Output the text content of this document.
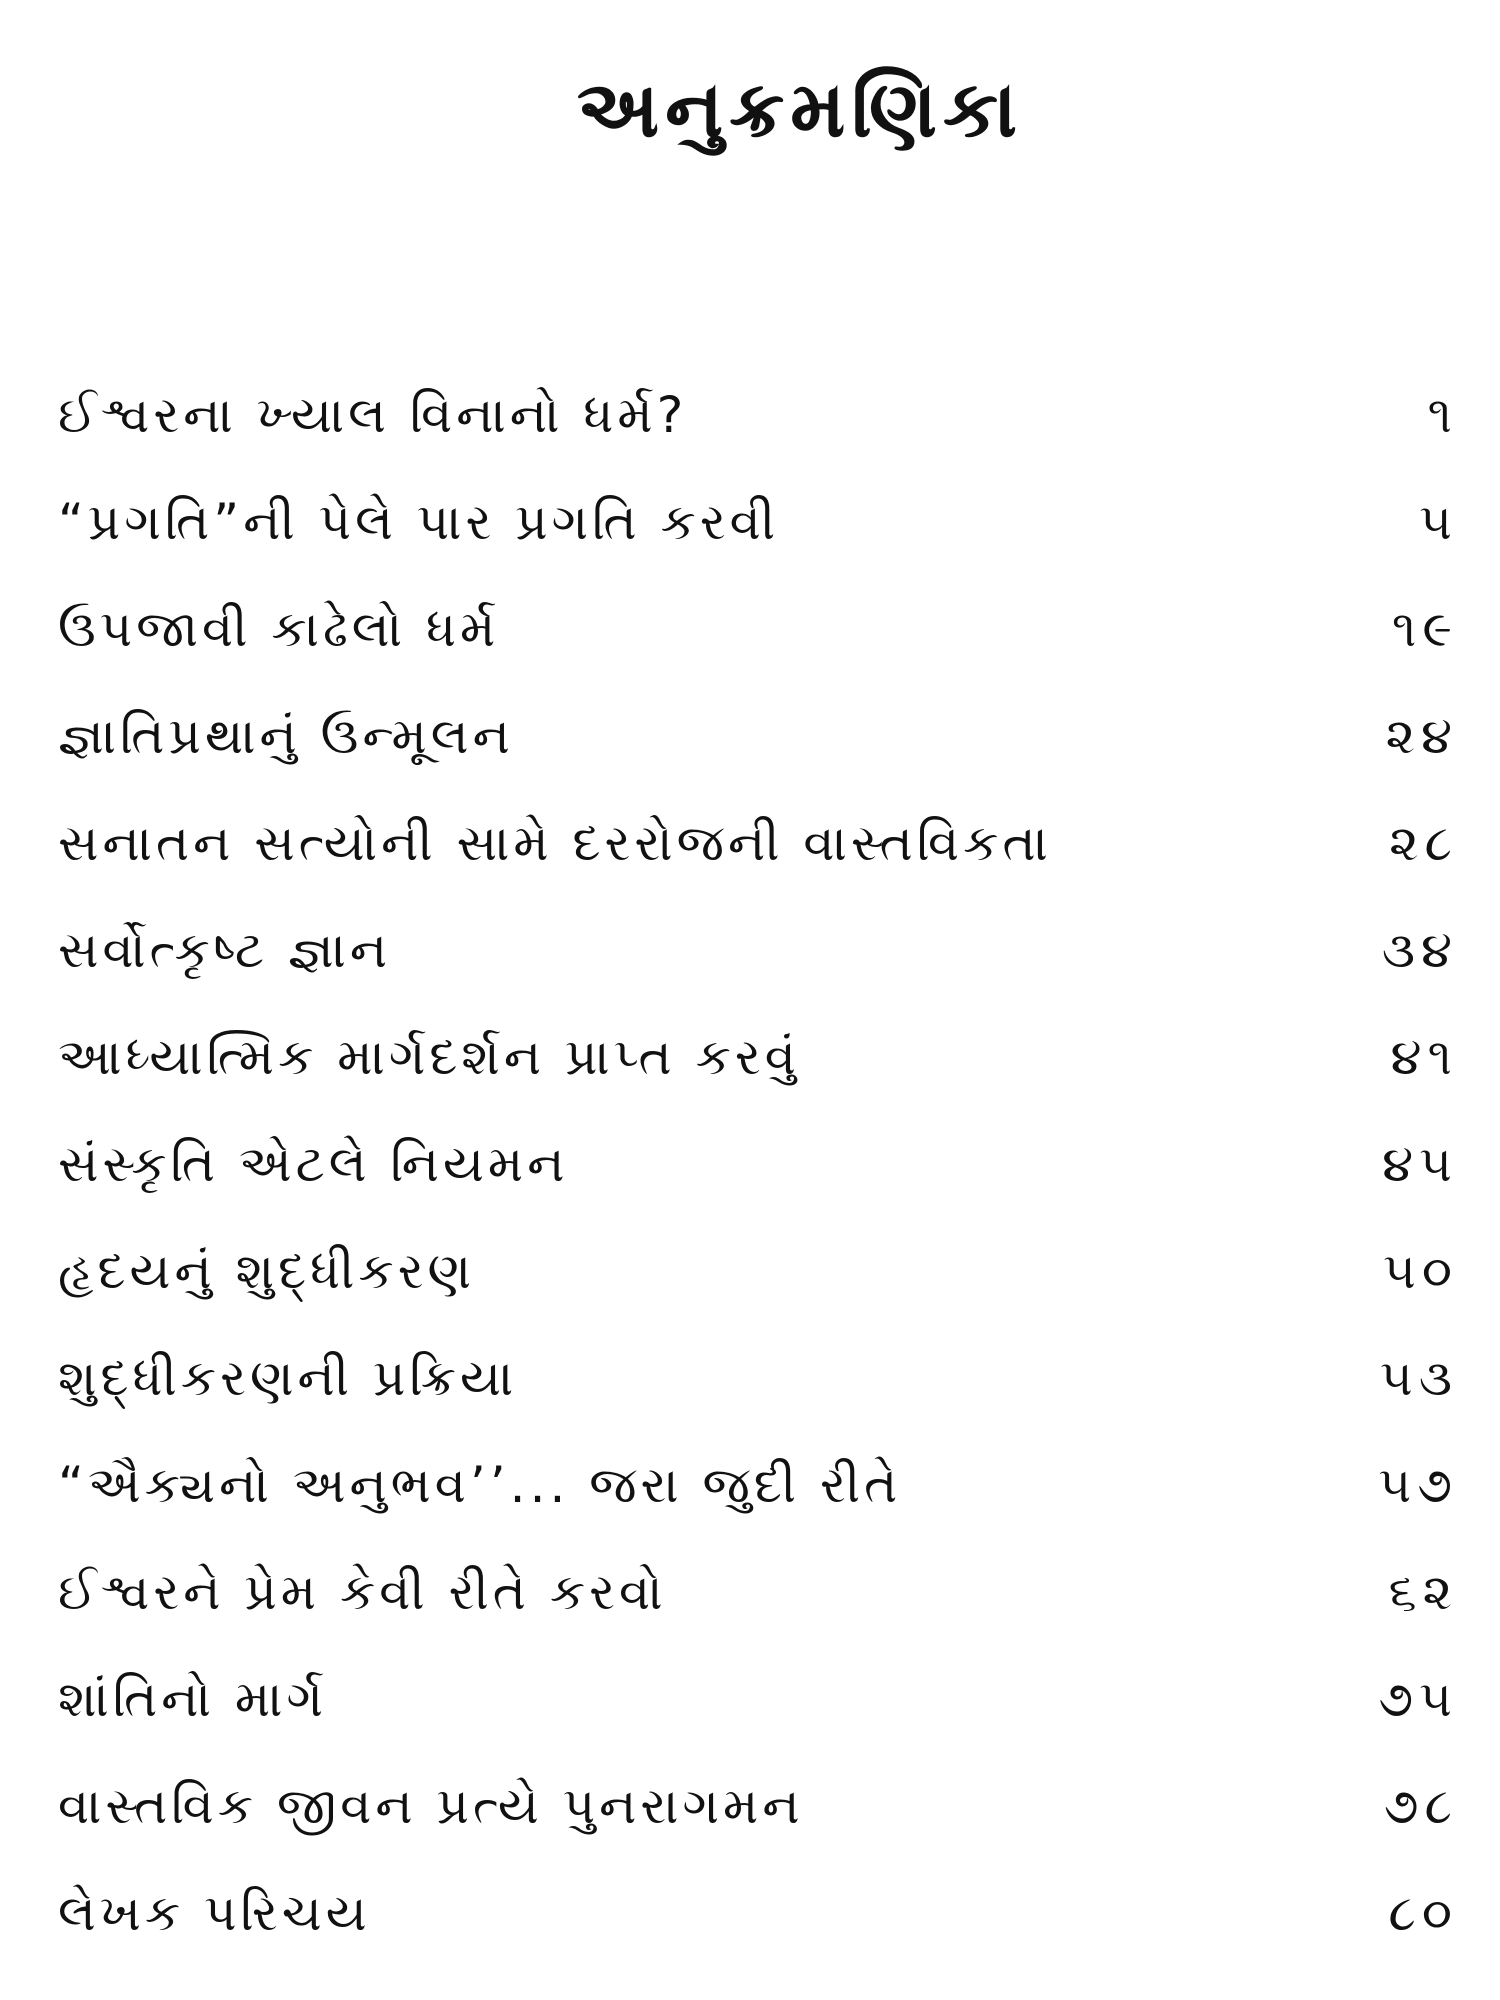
અનુક્રમણિકા
ઈશ્વરના ખ્યાલ વિનાનો ધર્મ?	૧
“પ્રગતિ”ની પેલે પાર પ્રગતિ કરવી	૫
ઉપજાવી કાઢેલો ધર્મ	૧૯
જ્ઞાતિપ્રથાનું ઉન્મૂલન	૨૪
સનાતન સત્યોની સામે દરરોજની વાસ્તવિકતા	૨૮
સર્વોત્કૃષ્ટ જ્ઞાન	૩૪
આધ્યાત્મિક માર્ગદર્શન પ્રાપ્ત કરવું	૪૧
સંસ્કૃતિ એટલે નિયમન	૪૫
હૃદયનું શુદ્ધીકરણ	૫૦
શુદ્ધીકરણની પ્રક્રિયા	૫૩
“ઐક્યનો અનુભવ’’... જરા જુદી રીતે	૫૭
ઈશ્વરને પ્રેમ કેવી રીતે કરવો	૬૨
શાંતિનો માર્ગ	૭૫
વાસ્તવિક જીવન પ્રત્યે પુનરાગમન	૭૮
લેખક પરિચય	૮૦
